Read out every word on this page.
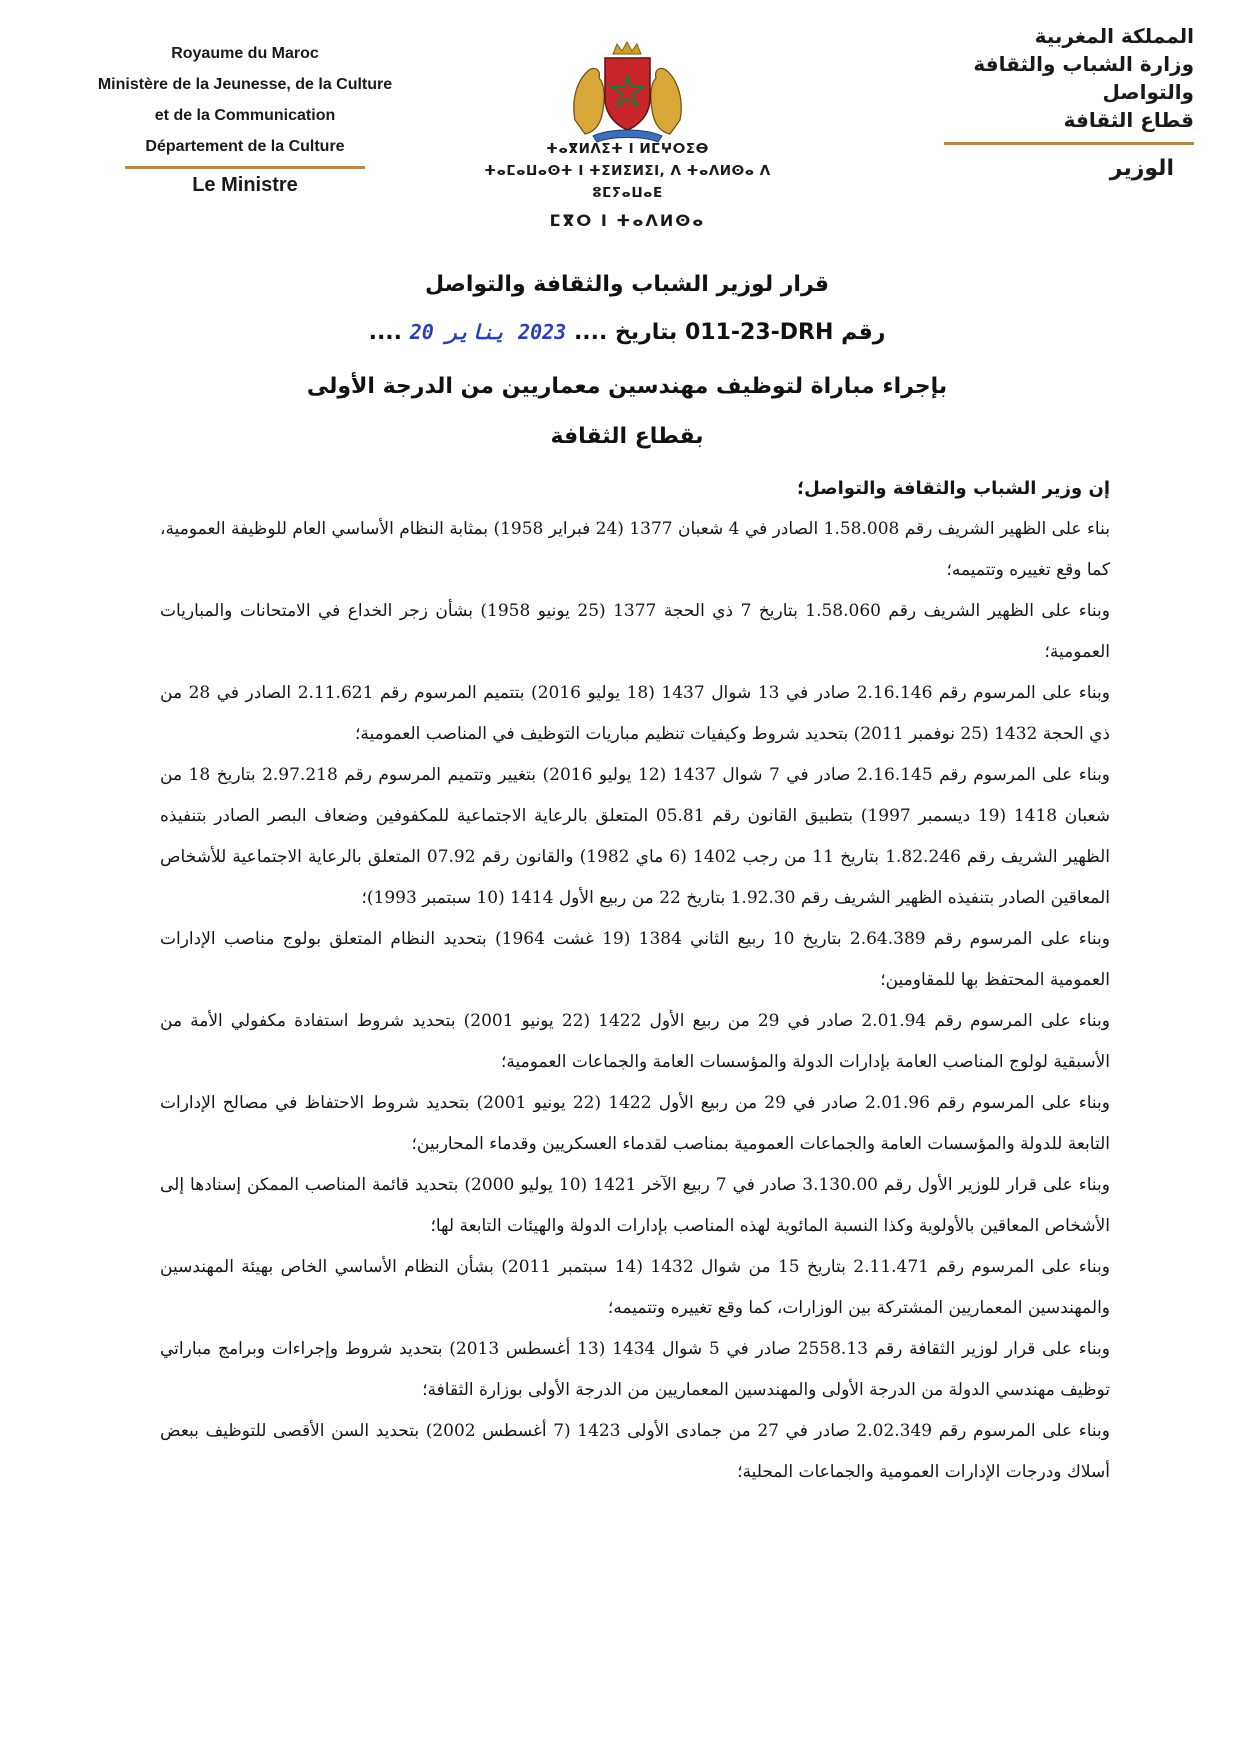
Royaume du Maroc
Ministère de la Jeunesse, de la Culture
et de la Communication
Département de la Culture
Le Ministre
ⵜⴰⴳⵍⴷⵉⵜ ⵏ ⵍⵎⵖⵔⵉⴱ
ⵜⴰⵎⴰⵡⴰⵙⵜ ⵏ ⵜⵉⵍⵉⵍⵉⵏ, ⴷ ⵜⴰⴷⵍⵙⴰ ⴷ ⵓⵎⵢⴰⵡⴰⴹ
ⵎⴳⵔ ⵏ ⵜⴰⴷⵍⵙⴰ
المملكة المغربية
وزارة الشباب والثقافة
والتواصل
قطاع الثقافة
الوزير
قرار لوزير الشباب والثقافة والتواصل
رقم 011-23-DRH بتاريخ .... 2023 يناير 20 ....
بإجراء مباراة لتوظيف مهندسين معماريين من الدرجة الأولى
بقطاع الثقافة

إن وزير الشباب والثقافة والتواصل؛

بناء على الظهير الشريف رقم 1.58.008 الصادر في 4 شعبان 1377 (24 فبراير 1958) بمثابة النظام الأساسي العام للوظيفة العمومية، كما وقع تغييره وتتميمه؛

وبناء على الظهير الشريف رقم 1.58.060 بتاريخ 7 ذي الحجة 1377 (25 يونيو 1958) بشأن زجر الخداع في الامتحانات والمباريات العمومية؛

وبناء على المرسوم رقم 2.16.146 صادر في 13 شوال 1437 (18 يوليو 2016) بتتميم المرسوم رقم 2.11.621 الصادر في 28 من ذي الحجة 1432 (25 نوفمبر 2011) بتحديد شروط وكيفيات تنظيم مباريات التوظيف في المناصب العمومية؛

وبناء على المرسوم رقم 2.16.145 صادر في 7 شوال 1437 (12 يوليو 2016) بتغيير وتتميم المرسوم رقم 2.97.218 بتاريخ 18 من شعبان 1418 (19 ديسمبر 1997) بتطبيق القانون رقم 05.81 المتعلق بالرعاية الاجتماعية للمكفوفين وضعاف البصر الصادر بتنفيذه الظهير الشريف رقم 1.82.246 بتاريخ 11 من رجب 1402 (6 ماي 1982) والقانون رقم 07.92 المتعلق بالرعاية الاجتماعية للأشخاص المعاقين الصادر بتنفيذه الظهير الشريف رقم 1.92.30 بتاريخ 22 من ربيع الأول 1414 (10 سبتمبر 1993)؛

وبناء على المرسوم رقم 2.64.389 بتاريخ 10 ربيع الثاني 1384 (19 غشت 1964) بتحديد النظام المتعلق بولوج مناصب الإدارات العمومية المحتفظ بها للمقاومين؛

وبناء على المرسوم رقم 2.01.94 صادر في 29 من ربيع الأول 1422 (22 يونيو 2001) بتحديد شروط استفادة مكفولي الأمة من الأسبقية لولوج المناصب العامة بإدارات الدولة والمؤسسات العامة والجماعات العمومية؛

وبناء على المرسوم رقم 2.01.96 صادر في 29 من ربيع الأول 1422 (22 يونيو 2001) بتحديد شروط الاحتفاظ في مصالح الإدارات التابعة للدولة والمؤسسات العامة والجماعات العمومية بمناصب لقدماء العسكريين وقدماء المحاربين؛

وبناء على قرار للوزير الأول رقم 3.130.00 صادر في 7 ربيع الآخر 1421 (10 يوليو 2000) بتحديد قائمة المناصب الممكن إسنادها إلى الأشخاص المعاقين بالأولوية وكذا النسبة المائوية لهذه المناصب بإدارات الدولة والهيئات التابعة لها؛

وبناء على المرسوم رقم 2.11.471 بتاريخ 15 من شوال 1432 (14 سبتمبر 2011) بشأن النظام الأساسي الخاص بهيئة المهندسين والمهندسين المعماريين المشتركة بين الوزارات، كما وقع تغييره وتتميمه؛

وبناء على قرار لوزير الثقافة رقم 2558.13 صادر في 5 شوال 1434 (13 أغسطس 2013) بتحديد شروط وإجراءات وبرامج مباراتي توظيف مهندسي الدولة من الدرجة الأولى والمهندسين المعماريين من الدرجة الأولى بوزارة الثقافة؛

وبناء على المرسوم رقم 2.02.349 صادر في 27 من جمادى الأولى 1423 (7 أغسطس 2002) بتحديد السن الأقصى للتوظيف ببعض أسلاك ودرجات الإدارات العمومية والجماعات المحلية؛
